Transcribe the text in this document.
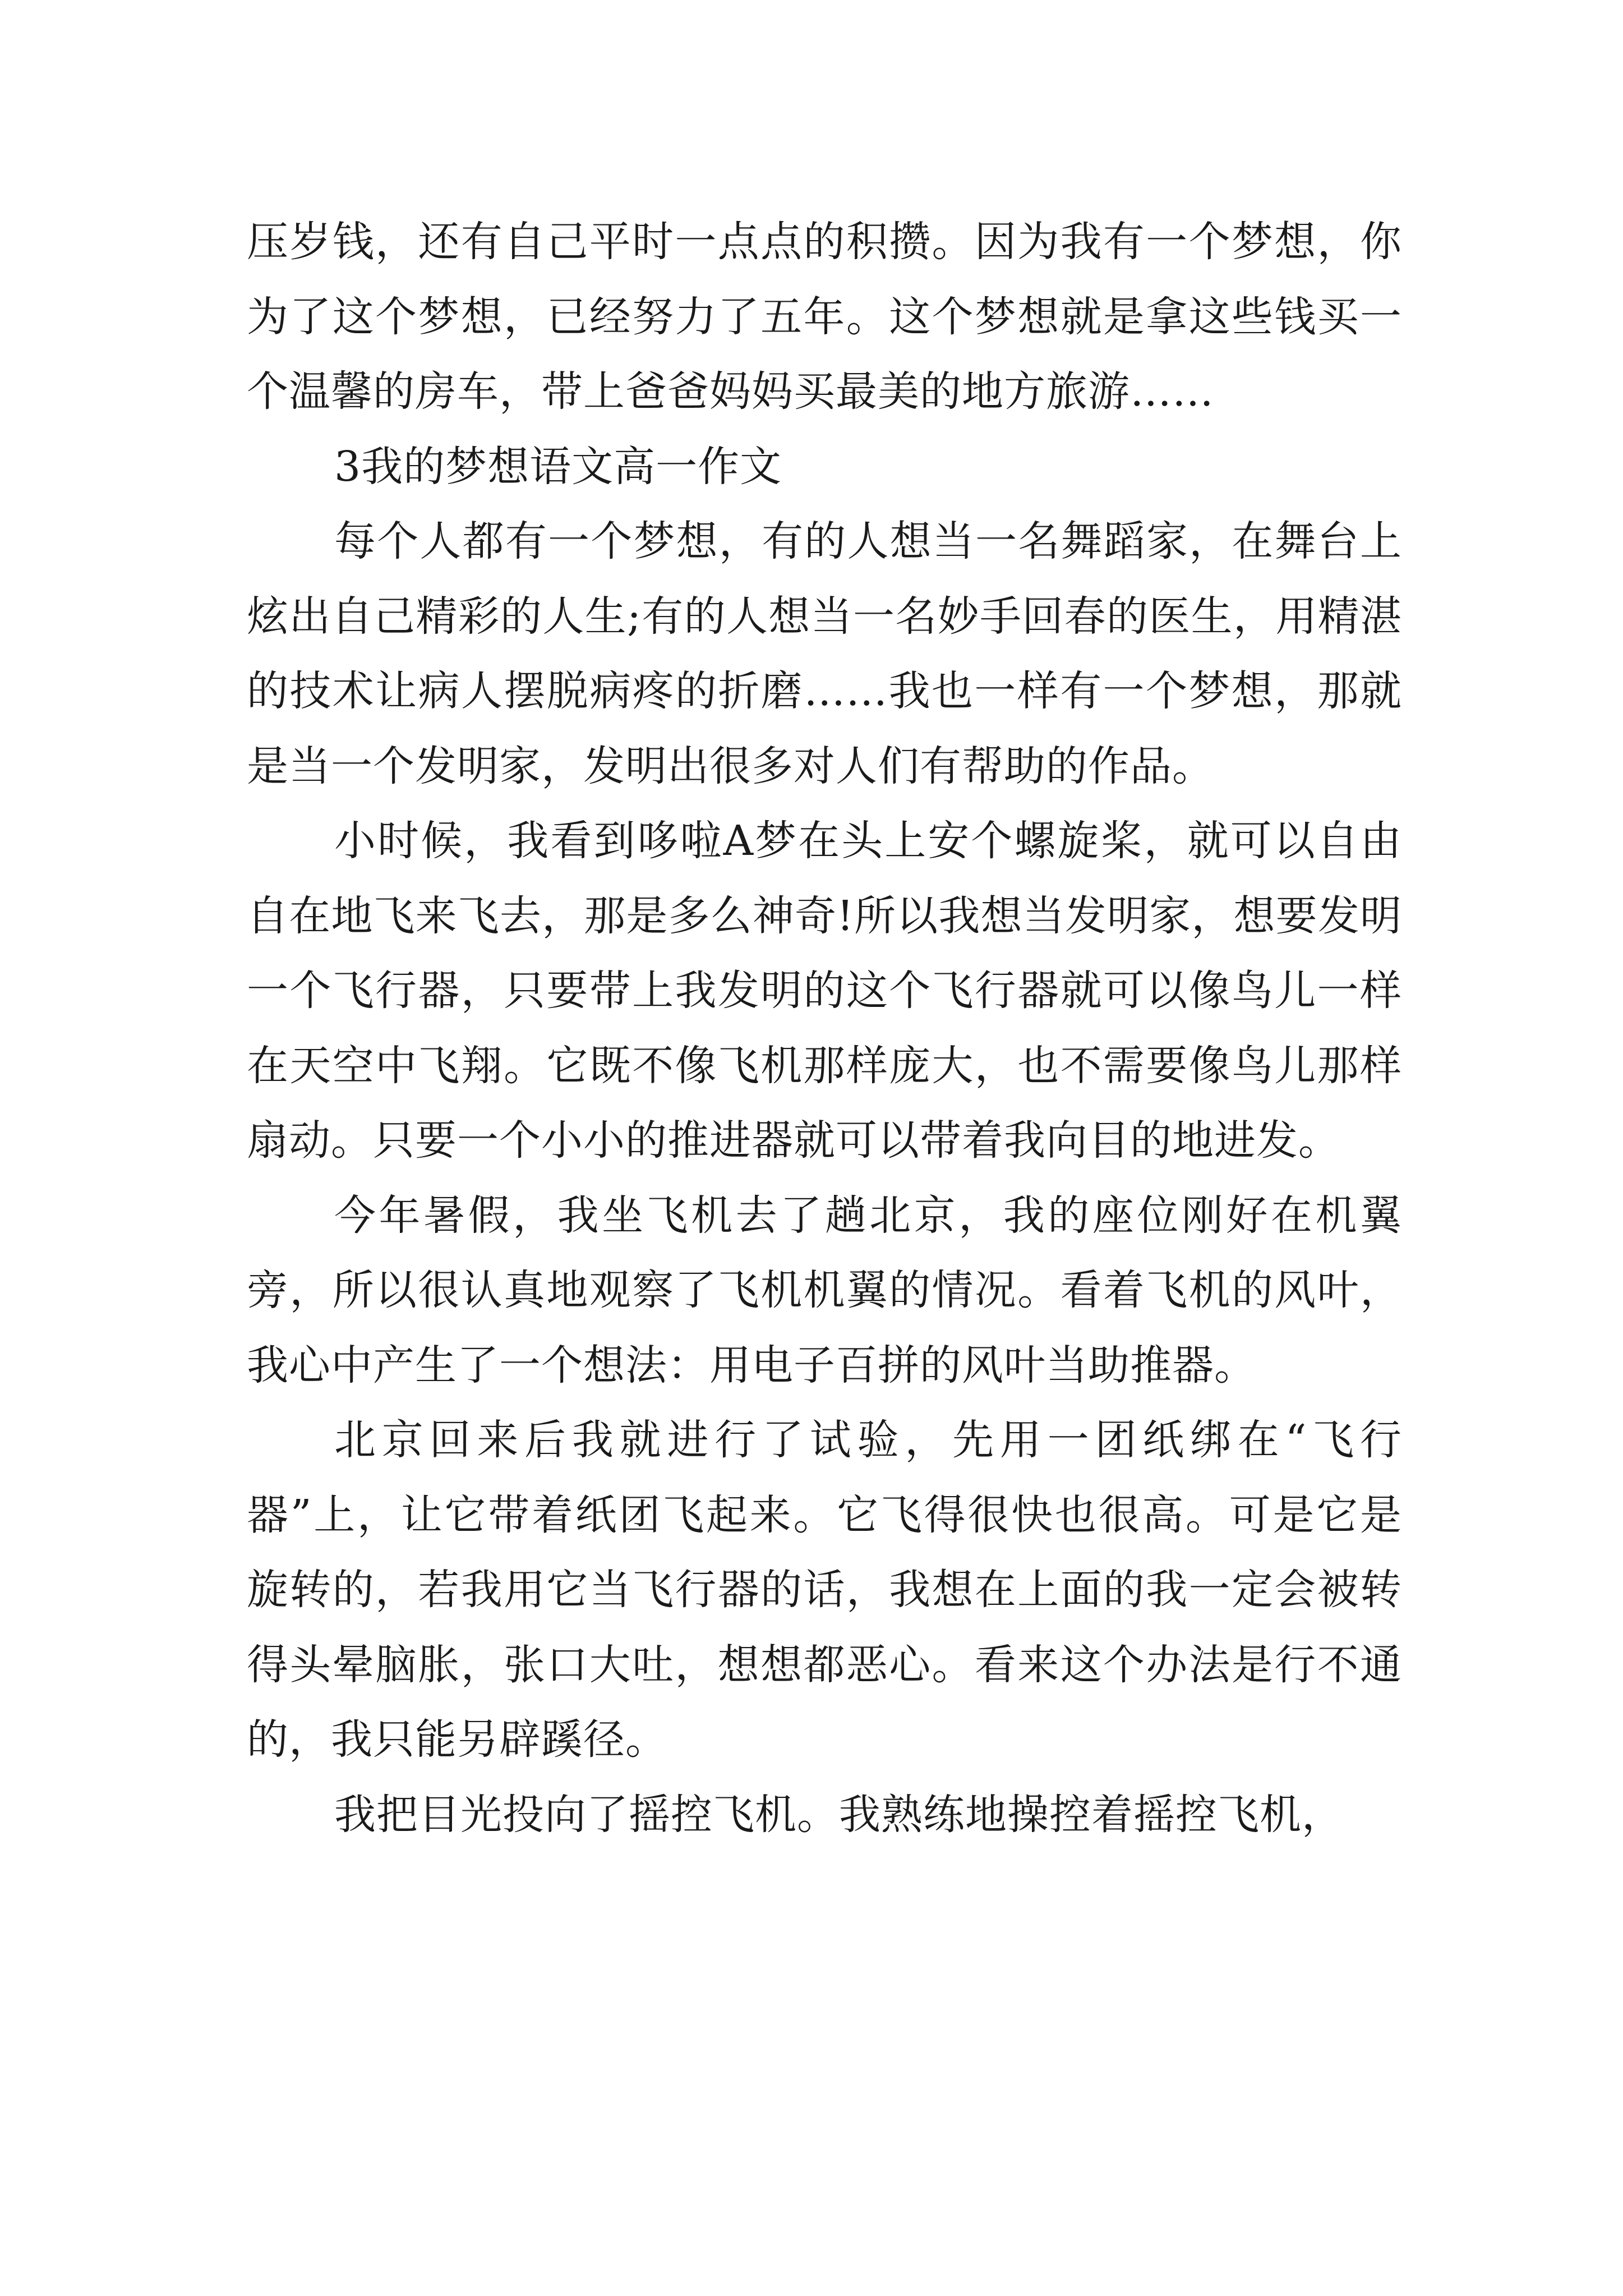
压岁钱，还有自己平时一点点的积攒。因为我有一个梦想，你为了这个梦想，已经努力了五年。这个梦想就是拿这些钱买一个温馨的房车，带上爸爸妈妈买最美的地方旅游……

3我的梦想语文高一作文

每个人都有一个梦想，有的人想当一名舞蹈家，在舞台上炫出自己精彩的人生;有的人想当一名妙手回春的医生，用精湛的技术让病人摆脱病疼的折磨……我也一样有一个梦想，那就是当一个发明家，发明出很多对人们有帮助的作品。

小时候，我看到哆啦A梦在头上安个螺旋桨，就可以自由自在地飞来飞去，那是多么神奇!所以我想当发明家，想要发明一个飞行器，只要带上我发明的这个飞行器就可以像鸟儿一样在天空中飞翔。它既不像飞机那样庞大，也不需要像鸟儿那样扇动。只要一个小小的推进器就可以带着我向目的地进发。

今年暑假，我坐飞机去了趟北京，我的座位刚好在机翼旁，所以很认真地观察了飞机机翼的情况。看着飞机的风叶，我心中产生了一个想法：用电子百拼的风叶当助推器。

北京回来后我就进行了试验，先用一团纸绑在“飞行器”上，让它带着纸团飞起来。它飞得很快也很高。可是它是旋转的，若我用它当飞行器的话，我想在上面的我一定会被转得头晕脑胀，张口大吐，想想都恶心。看来这个办法是行不通的，我只能另辟蹊径。

我把目光投向了摇控飞机。我熟练地操控着摇控飞机，
